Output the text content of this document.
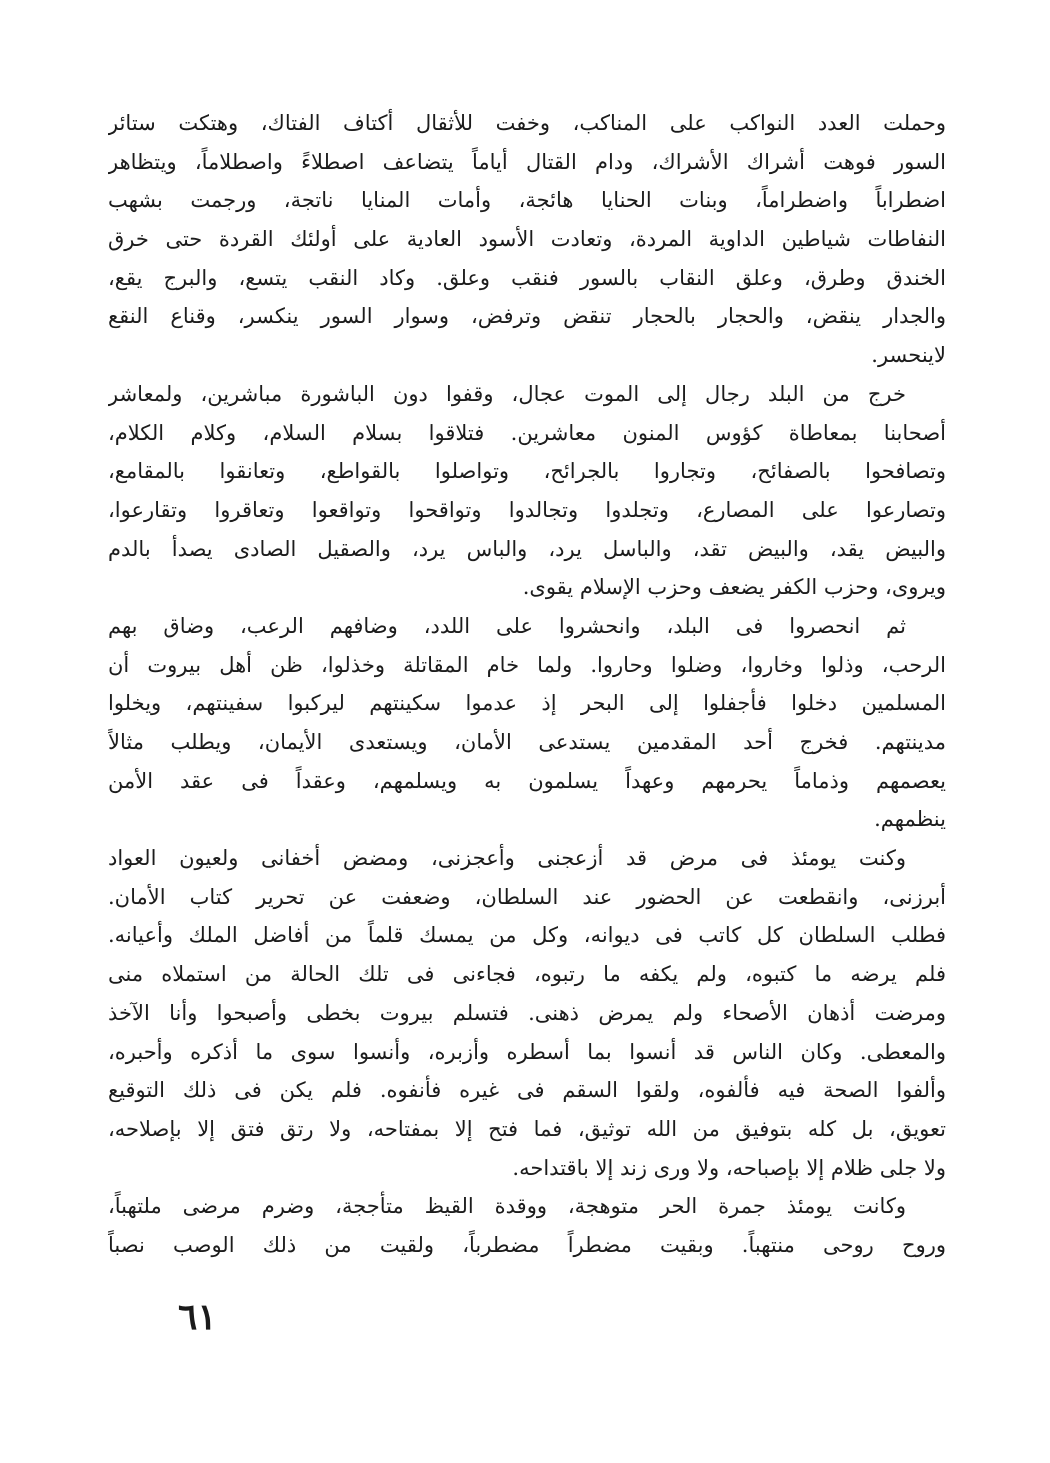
وحملت العدد النواكب على المناكب، وخفت للأثقال أكتاف الفتاك، وهتكت ستائر
السور فوهت أشراك الأشراك، ودام القتال أياماً يتضاعف اصطلاءً واصطلاماً، ويتظاهر
اضطراباً واضطراماً، وبنات الحنايا هائجة، وأمات المنايا ناتجة، ورجمت بشهب
النفاطات شياطين الداوية المردة، وتعادت الأسود العادية على أولئك القردة حتى خرق
الخندق وطرق، وعلق النقاب بالسور فنقب وعلق. وكاد النقب يتسع، والبرج يقع،
والجدار ينقض، والحجار بالحجار تنقض وترفض، وسوار السور ينكسر، وقناع النقع
لاينحسر.
خرج من البلد رجال إلى الموت عجال، وقفوا دون الباشورة مباشرين، ولمعاشر
أصحابنا بمعاطاة كؤوس المنون معاشرين. فتلاقوا بسلام السلام، وكلام الكلام،
وتصافحوا بالصفائح، وتجاروا بالجرائح، وتواصلوا بالقواطع، وتعانقوا بالمقامع،
وتصارعوا على المصارع، وتجلدوا وتجالدوا وتواقحوا وتواقعوا وتعاقروا وتقارعوا،
والبيض يقد، والبيض تقد، والباسل يرد، والباس يرد، والصقيل الصادى يصدأ بالدم
ويروى، وحزب الكفر يضعف وحزب الإسلام يقوى.
ثم انحصروا فى البلد، وانحشروا على اللدد، وضافهم الرعب، وضاق بهم
الرحب، وذلوا وخاروا، وضلوا وحاروا. ولما خام المقاتلة وخذلوا، ظن أهل بيروت أن
المسلمين دخلوا فأجفلوا إلى البحر إذ عدموا سكينتهم ليركبوا سفينتهم، ويخلوا
مدينتهم. فخرج أحد المقدمين يستدعى الأمان، ويستعدى الأيمان، ويطلب مثالاً
يعصمهم وذماماً يحرمهم وعهداً يسلمون به ويسلمهم، وعقداً فى عقد الأمن
ينظمهم.
وكنت يومئذ فى مرض قد أزعجنى وأعجزنى، ومضض أخفانى ولعيون العواد
أبرزنى، وانقطعت عن الحضور عند السلطان، وضعفت عن تحرير كتاب الأمان.
فطلب السلطان كل كاتب فى ديوانه، وكل من يمسك قلماً من أفاضل الملك وأعيانه.
فلم يرضه ما كتبوه، ولم يكفه ما رتبوه، فجاءنى فى تلك الحالة من استملاه منى
ومرضت أذهان الأصحاء ولم يمرض ذهنى. فتسلم بيروت بخطى وأصبحوا وأنا الآخذ
والمعطى. وكان الناس قد أنسوا بما أسطره وأزبره، وأنسوا سوى ما أذكره وأحبره،
وألفوا الصحة فيه فألفوه، ولقوا السقم فى غيره فأنفوه. فلم يكن فى ذلك التوقيع
تعويق، بل كله بتوفيق من الله توثيق، فما فتح إلا بمفتاحه، ولا رتق فتق إلا بإصلاحه،
ولا جلى ظلام إلا بإصباحه، ولا ورى زند إلا باقتداحه.
وكانت يومئذ جمرة الحر متوهجة، ووقدة القيظ متأججة، وضرم مرضى ملتهباً،
وروح روحى منتهباً. وبقيت مضطراً مضطرباً، ولقيت من ذلك الوصب نصباً
٦١
